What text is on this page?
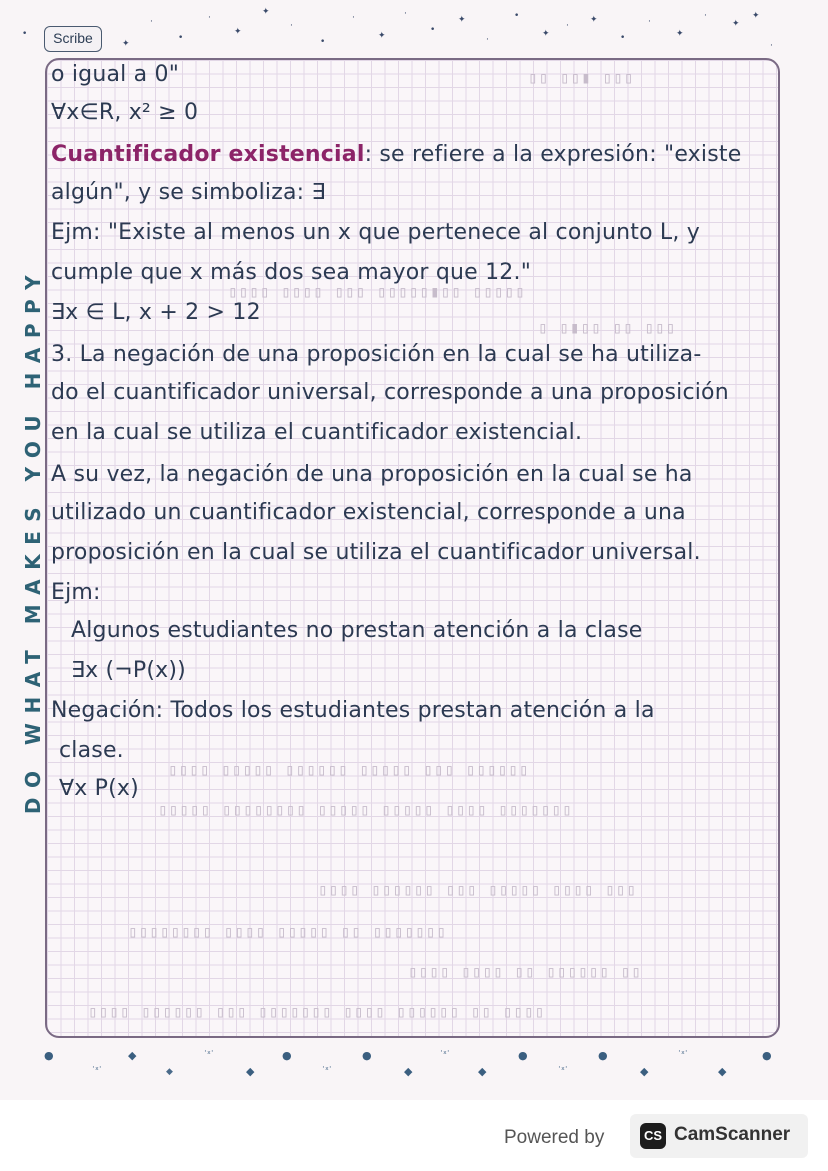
•
✦
·
•
·
✦
✦
·
•
·
✦
·
•
✦
·
•
✦
·
✦
•
·
✦
·
✦
✦
·
Scribe
DO WHAT MAKES YOU HAPPY
▯▯▯ ▮▯▯ ▯▯
▯▯▯▯▯ ▯▯▮▯▯▯▯▯ ▯▯▯ ▯▯▯▯ ▯▯▯▯
▯▯▯ ▯▯ ▯▯▮▯ ▯
▯▯▯▯▯▯ ▯▯▯ ▯▯▯▯▯ ▯▯▯▯▯▯ ▯▯▯▯▯ ▯▯▯▯
▯▯▯▯▯▯▯ ▯▯▯▯ ▯▯▯▯▯ ▯▯▯▯▯ ▯▯▯▯▯▯▯▯ ▯▯▯▯▯
▯▯▯ ▯▯▯▯ ▯▯▯▯▯ ▯▯▯ ▯▯▯▯▯▯ ▯▯▯▯
▯▯▯▯▯▯▯ ▯▯ ▯▯▯▯▯ ▯▯▯▯ ▯▯▯▯▯▯▯▯
▯▯ ▯▯▯▯▯▯ ▯▯ ▯▯▯▯ ▯▯▯▯
▯▯▯▯ ▯▯ ▯▯▯▯▯▯ ▯▯▯▯ ▯▯▯▯▯▯▯ ▯▯▯ ▯▯▯▯▯▯ ▯▯▯▯
o igual a 0"
∀x∈R, x² ≥ 0
Cuantificador existencial: se refiere a la expresión: "existe
algún", y se simboliza: ∃
Ejm: "Existe al menos un x que pertenece al conjunto L, y
cumple que x más dos sea mayor que 12."
∃x ∈ L, x + 2 > 12
3. La negación de una proposición en la cual se ha utiliza-
do el cuantificador universal, corresponde a una proposición
en la cual se utiliza el cuantificador existencial.
A su vez, la negación de una proposición en la cual se ha
utilizado un cuantificador existencial, corresponde a una
proposición en la cual se utiliza el cuantificador universal.
Ejm:
Algunos estudiantes no prestan atención a la clase
∃x (¬P(x))
Negación: Todos los estudiantes prestan atención a la
clase.
∀x P(x)
●
·ₓ·
◆
◆
·ₓ·
◆
●
·ₓ·
●
◆
·ₓ·
◆
●
·ₓ·
●
◆
·ₓ·
◆
●
Powered by	CS CamScanner
